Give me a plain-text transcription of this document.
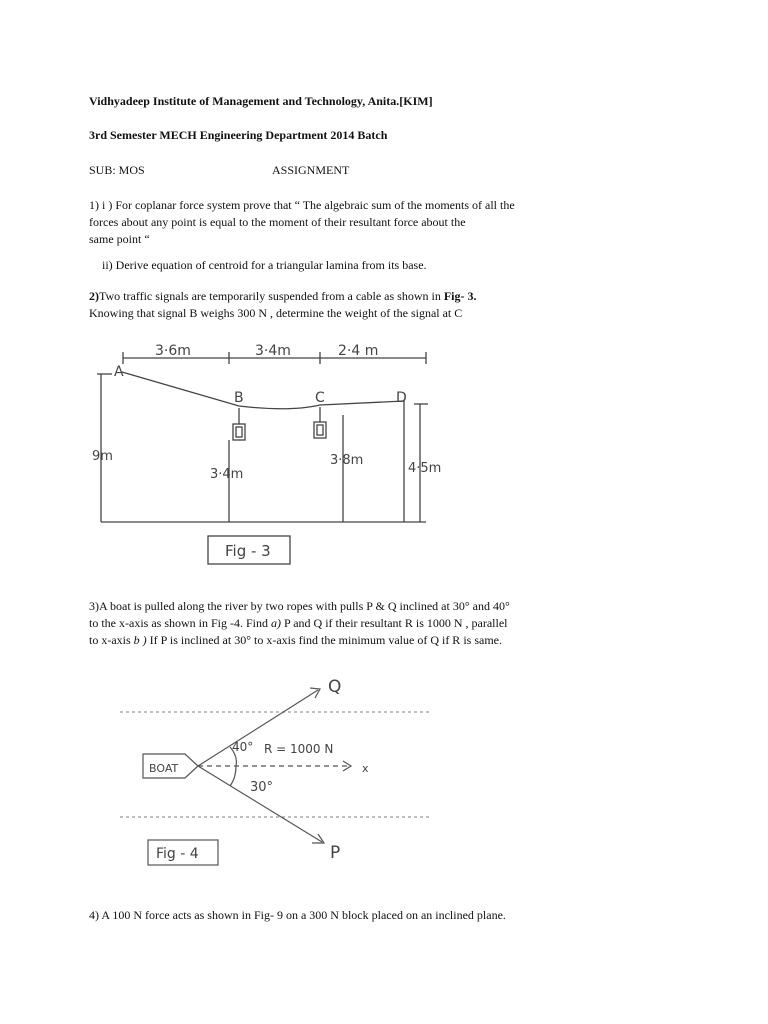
Vidhyadeep Institute of Management and Technology, Anita.[KIM]
3rd Semester MECH Engineering Department 2014 Batch
SUB: MOS	ASSIGNMENT
1) i ) For coplanar force system prove that “ The algebraic sum of the moments of all the
forces about any point is equal to the moment of their resultant force about the
same point “
ii) Derive equation of centroid for a triangular lamina from its base.
2)Two traffic signals are temporarily suspended from a cable as shown in Fig- 3.
Knowing that signal B weighs 300 N , determine the weight of the signal at C
3·6m	3·4m	2·4 m
A
B	C	D
9m
3·4m
3·8m
4·5m
Fig - 3
3)A boat is pulled along the river by two ropes with pulls P & Q inclined at 30° and 40°
to the x-axis as shown in Fig -4. Find a) P and Q if their resultant R is 1000 N , parallel
to x-axis b ) If P is inclined at 30° to x-axis find the minimum value of Q if R is same.
BOAT
Q
P
40°
30°
R = 1000 N
x
Fig - 4
4) A 100 N force acts as shown in Fig- 9 on a 300 N block placed on an inclined plane.
